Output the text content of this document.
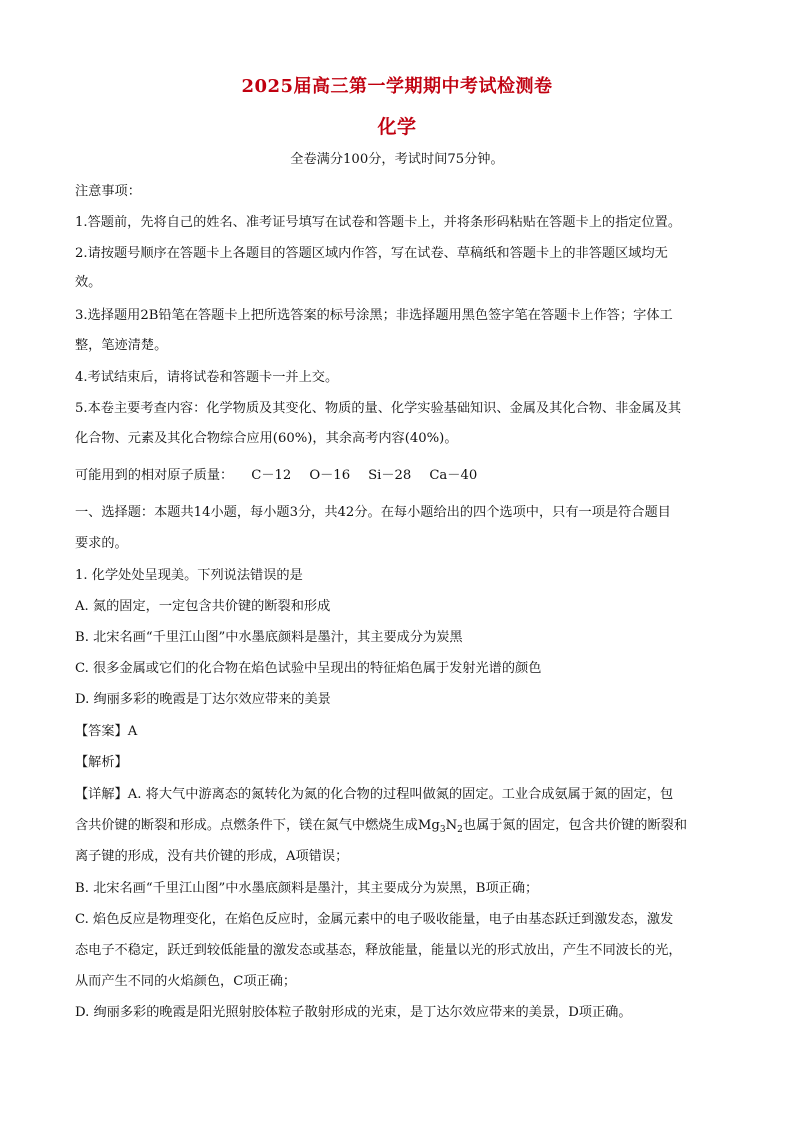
2025届高三第一学期期中考试检测卷
化学
全卷满分100分，考试时间75分钟。
注意事项：
1.答题前，先将自己的姓名、准考证号填写在试卷和答题卡上，并将条形码粘贴在答题卡上的指定位置。
2.请按题号顺序在答题卡上各题目的答题区域内作答，写在试卷、草稿纸和答题卡上的非答题区域均无
效。
3.选择题用2B铅笔在答题卡上把所选答案的标号涂黑；非选择题用黑色签字笔在答题卡上作答；字体工
整，笔迹清楚。
4.考试结束后，请将试卷和答题卡一并上交。
5.本卷主要考查内容：化学物质及其变化、物质的量、化学实验基础知识、金属及其化合物、非金属及其
化合物、元素及其化合物综合应用(60%)，其余高考内容(40%)。
可能用到的相对原子质量： C－12 O－16 Si－28 Ca－40
一、选择题：本题共14小题，每小题3分，共42分。在每小题给出的四个选项中，只有一项是符合题目
要求的。
1. 化学处处呈现美。下列说法错误的是
A. 氮的固定，一定包含共价键的断裂和形成
B. 北宋名画“千里江山图”中水墨底颜料是墨汁，其主要成分为炭黑
C. 很多金属或它们的化合物在焰色试验中呈现出的特征焰色属于发射光谱的颜色
D. 绚丽多彩的晚霞是丁达尔效应带来的美景
【答案】A
【解析】
【详解】A. 将大气中游离态的氮转化为氮的化合物的过程叫做氮的固定。工业合成氨属于氮的固定，包
含共价键的断裂和形成。点燃条件下，镁在氮气中燃烧生成$Mg_3N_2$也属于氮的固定，包含共价键的断裂和
离子键的形成，没有共价键的形成，A项错误；
B. 北宋名画“千里江山图”中水墨底颜料是墨汁，其主要成分为炭黑，B项正确；
C. 焰色反应是物理变化，在焰色反应时，金属元素中的电子吸收能量，电子由基态跃迁到激发态，激发
态电子不稳定，跃迁到较低能量的激发态或基态，释放能量，能量以光的形式放出，产生不同波长的光，
从而产生不同的火焰颜色，C项正确；
D. 绚丽多彩的晚霞是阳光照射胶体粒子散射形成的光束，是丁达尔效应带来的美景，D项正确。
